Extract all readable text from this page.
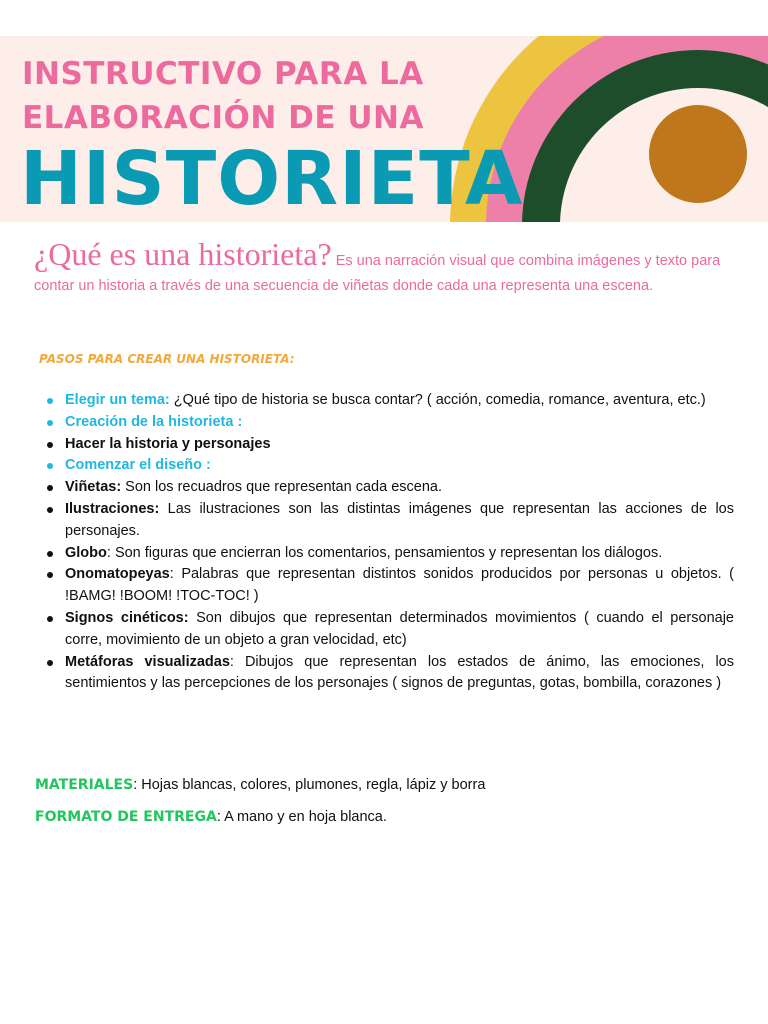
INSTRUCTIVO PARA LA
ELABORACIÓN DE UNA
HISTORIETA
¿Qué es una historieta? Es una narración visual que combina imágenes y texto para contar un historia a través de una secuencia de viñetas donde cada una representa una escena.
PASOS PARA CREAR UNA HISTORIETA:
Elegir un tema: ¿Qué tipo de historia se busca contar? ( acción, comedia, romance, aventura, etc.)
Creación de la historieta :
Hacer la historia y personajes
Comenzar el diseño :
Viñetas: Son los recuadros que representan cada escena.
Ilustraciones: Las ilustraciones son las distintas imágenes que representan las acciones de los personajes.
Globo: Son figuras que encierran los comentarios, pensamientos y representan los diálogos.
Onomatopeyas: Palabras que representan distintos sonidos producidos por personas u objetos. ( !BAMG! !BOOM! !TOC-TOC! )
Signos cinéticos: Son dibujos que representan determinados movimientos ( cuando el personaje corre, movimiento de un objeto a gran velocidad, etc)
Metáforas visualizadas: Dibujos que representan los estados de ánimo, las emociones, los sentimientos y las percepciones de los personajes ( signos de preguntas, gotas, bombilla, corazones )
MATERIALES: Hojas blancas, colores, plumones, regla, lápiz y borra
FORMATO DE ENTREGA: A mano y en hoja blanca.
